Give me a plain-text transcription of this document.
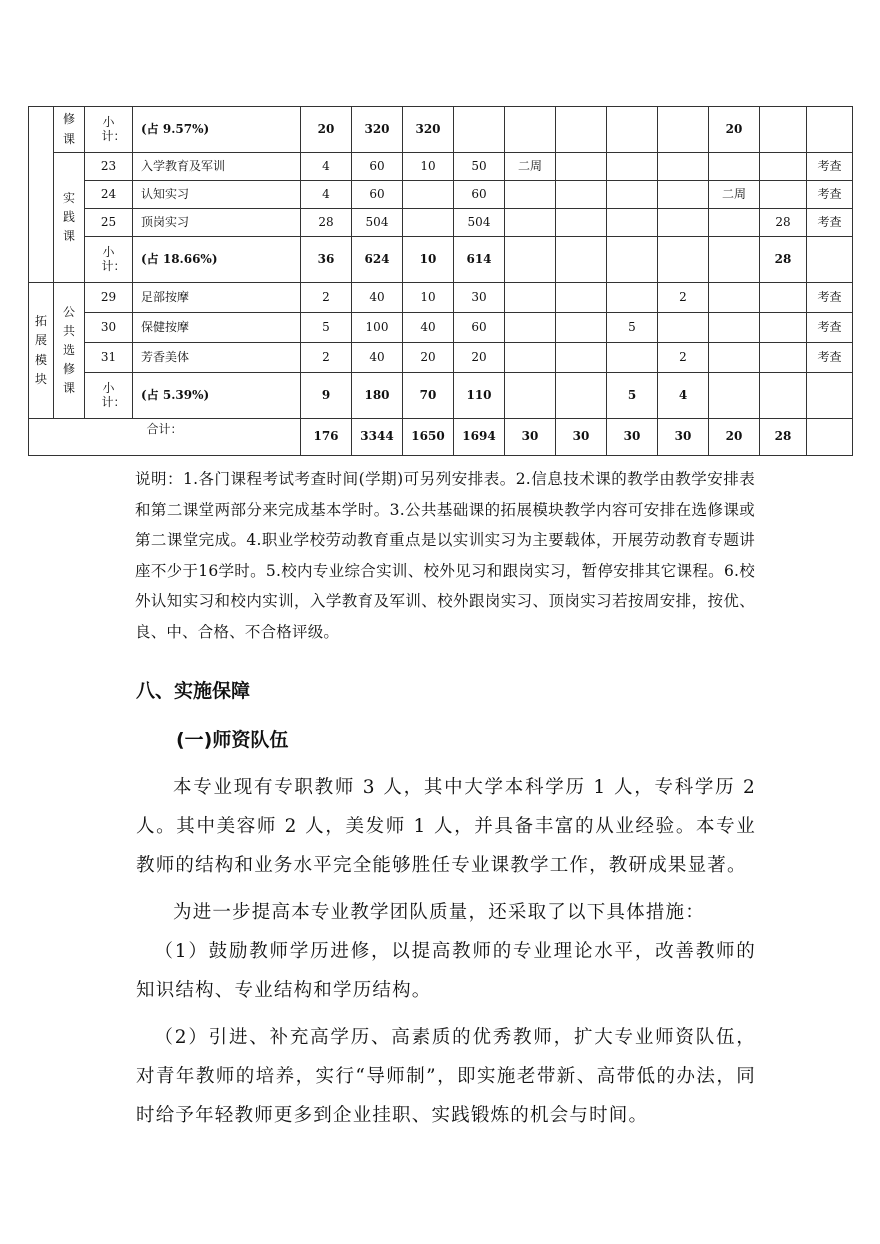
	修课	小计：	(占 9.57%)	20	320	320						20		
	实践课	23	入学教育及军训	4	60	10	50	二周						考查
		24	认知实习	4	60		60					二周		考查
		25	顶岗实习	28	504		504						28	考查
		小计：	(占 18.66%)	36	624	10	614						28	
拓展模块	公共选修课	29	足部按摩	2	40	10	30				2			考查
		30	保健按摩	5	100	40	60			5				考查
		31	芳香美体	2	40	20	20				2			考查
		小计：	(占 5.39%)	9	180	70	110			5	4			
合计：				176	3344	1650	1694	30	30	30	30	20	28	
说明：1.各门课程考试考查时间(学期)可另列安排表。2.信息技术课的教学由教学安排表和第二课堂两部分来完成基本学时。3.公共基础课的拓展模块教学内容可安排在选修课或第二课堂完成。4.职业学校劳动教育重点是以实训实习为主要载体，开展劳动教育专题讲座不少于16学时。5.校内专业综合实训、校外见习和跟岗实习，暂停安排其它课程。6.校外认知实习和校内实训，入学教育及军训、校外跟岗实习、顶岗实习若按周安排，按优、良、中、合格、不合格评级。
八、实施保障
(一)师资队伍
本专业现有专职教师 3 人，其中大学本科学历 1 人，专科学历 2 人。其中美容师 2 人，美发师 1 人，并具备丰富的从业经验。本专业教师的结构和业务水平完全能够胜任专业课教学工作，教研成果显著。
为进一步提高本专业教学团队质量，还采取了以下具体措施：
（1）鼓励教师学历进修，以提高教师的专业理论水平，改善教师的知识结构、专业结构和学历结构。
（2）引进、补充高学历、高素质的优秀教师，扩大专业师资队伍，对青年教师的培养，实行“导师制”，即实施老带新、高带低的办法，同时给予年轻教师更多到企业挂职、实践锻炼的机会与时间。
